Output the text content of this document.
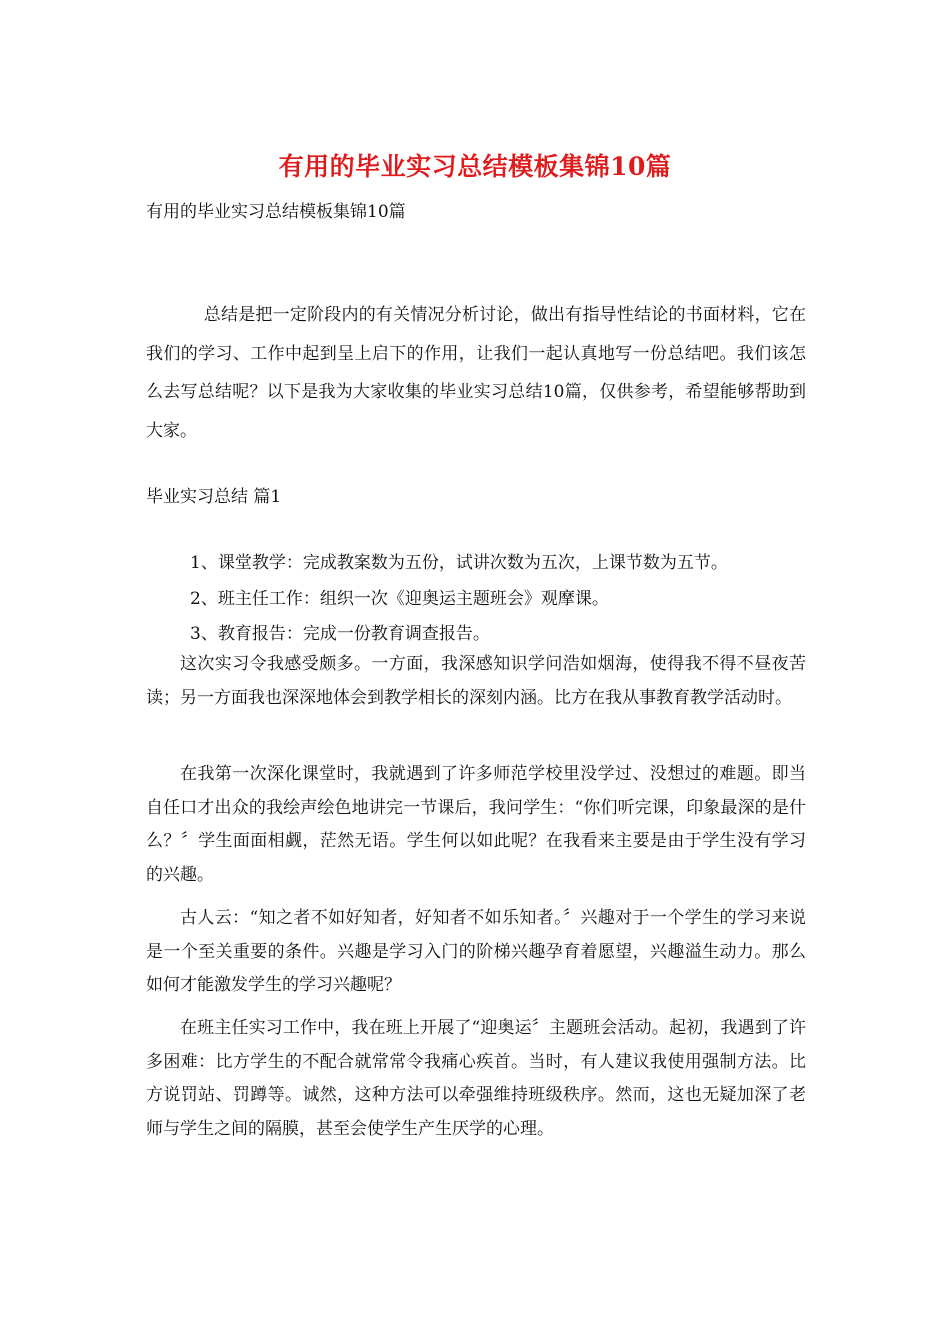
有用的毕业实习总结模板集锦10篇
有用的毕业实习总结模板集锦10篇
总结是把一定阶段内的有关情况分析讨论，做出有指导性结论的书面材料，它在我们的学习、工作中起到呈上启下的作用，让我们一起认真地写一份总结吧。我们该怎么去写总结呢？以下是我为大家收集的毕业实习总结10篇，仅供参考，希望能够帮助到大家。
毕业实习总结 篇1
1、课堂教学：完成教案数为五份，试讲次数为五次，上课节数为五节。
2、班主任工作：组织一次《迎奥运主题班会》观摩课。
3、教育报告：完成一份教育调查报告。
这次实习令我感受颇多。一方面，我深感知识学问浩如烟海，使得我不得不昼夜苦读；另一方面我也深深地体会到教学相长的深刻内涵。比方在我从事教育教学活动时。
在我第一次深化课堂时，我就遇到了许多师范学校里没学过、没想过的难题。即当自任口才出众的我绘声绘色地讲完一节课后，我问学生：“你们听完课，印象最深的是什么？〞学生面面相觑，茫然无语。学生何以如此呢？在我看来主要是由于学生没有学习的兴趣。
古人云：“知之者不如好知者，好知者不如乐知者。〞兴趣对于一个学生的学习来说是一个至关重要的条件。兴趣是学习入门的阶梯兴趣孕育着愿望，兴趣溢生动力。那么如何才能激发学生的学习兴趣呢？
在班主任实习工作中，我在班上开展了“迎奥运〞主题班会活动。起初，我遇到了许多困难：比方学生的不配合就常常令我痛心疾首。当时，有人建议我使用强制方法。比方说罚站、罚蹲等。诚然，这种方法可以牵强维持班级秩序。然而，这也无疑加深了老师与学生之间的隔膜，甚至会使学生产生厌学的心理。
